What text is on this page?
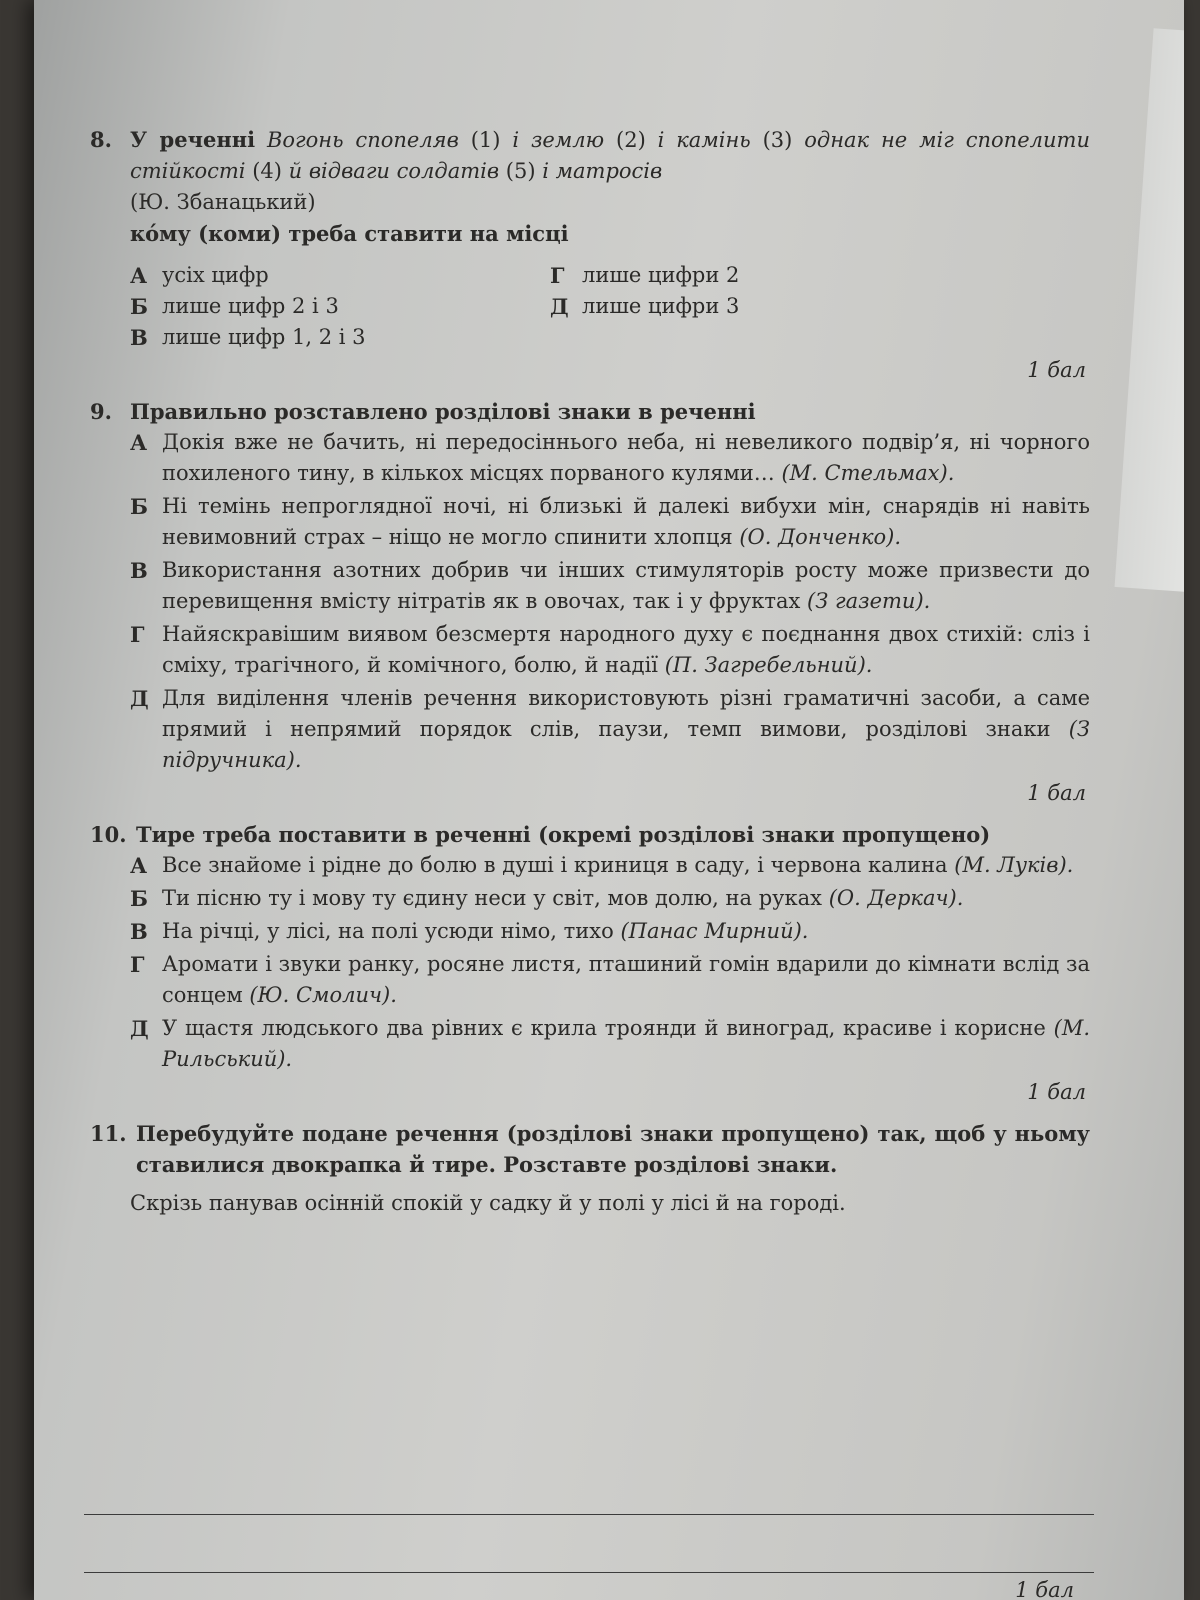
8. У реченні Вогонь спопеляв (1) і землю (2) і камінь (3) однак не міг спопелити стійкості (4) й відваги солдатів (5) і матросів
(Ю. Збанацький)
ко́му (коми) треба ставити на місці
А усіх цифр	Г лише цифри 2
Б лише цифр 2 і 3	Д лише цифри 3
В лише цифр 1, 2 і 3
1 бал
9. Правильно розставлено розділові знаки в реченні
А Докія вже не бачить, ні передосіннього неба, ні невеликого подвір’я, ні чорного похиленого тину, в кількох місцях порваного кулями… (М. Стельмах).
Б Ні темінь непроглядної ночі, ні близькі й далекі вибухи мін, снарядів ні навіть невимовний страх – ніщо не могло спинити хлопця (О. Донченко).
В Використання азотних добрив чи інших стимуляторів росту може призвести до перевищення вмісту нітратів як в овочах, так і у фруктах (З газети).
Г Найяскравішим виявом безсмертя народного духу є поєднання двох стихій: сліз і сміху, трагічного, й комічного, болю, й надії (П. Загребельний).
Д Для виділення членів речення використовують різні граматичні засоби, а саме прямий і непрямий порядок слів, паузи, темп вимови, розділові знаки (З підручника).
1 бал
10. Тире треба поставити в реченні (окремі розділові знаки пропущено)
А Все знайоме і рідне до болю в душі і криниця в саду, і червона калина (М. Луків).
Б Ти пісню ту і мову ту єдину неси у світ, мов долю, на руках (О. Деркач).
В На річці, у лісі, на полі усюди німо, тихо (Панас Мирний).
Г Аромати і звуки ранку, росяне листя, пташиний гомін вдарили до кімнати вслід за сонцем (Ю. Смолич).
Д У щастя людського два рівних є крила троянди й виноград, красиве і корисне (М. Рильський).
1 бал
11. Перебудуйте подане речення (розділові знаки пропущено) так, щоб у ньому ставилися двокрапка й тире. Розставте розділові знаки.
Скрізь панував осінній спокій у садку й у полі у лісі й на городі.
1 бал
